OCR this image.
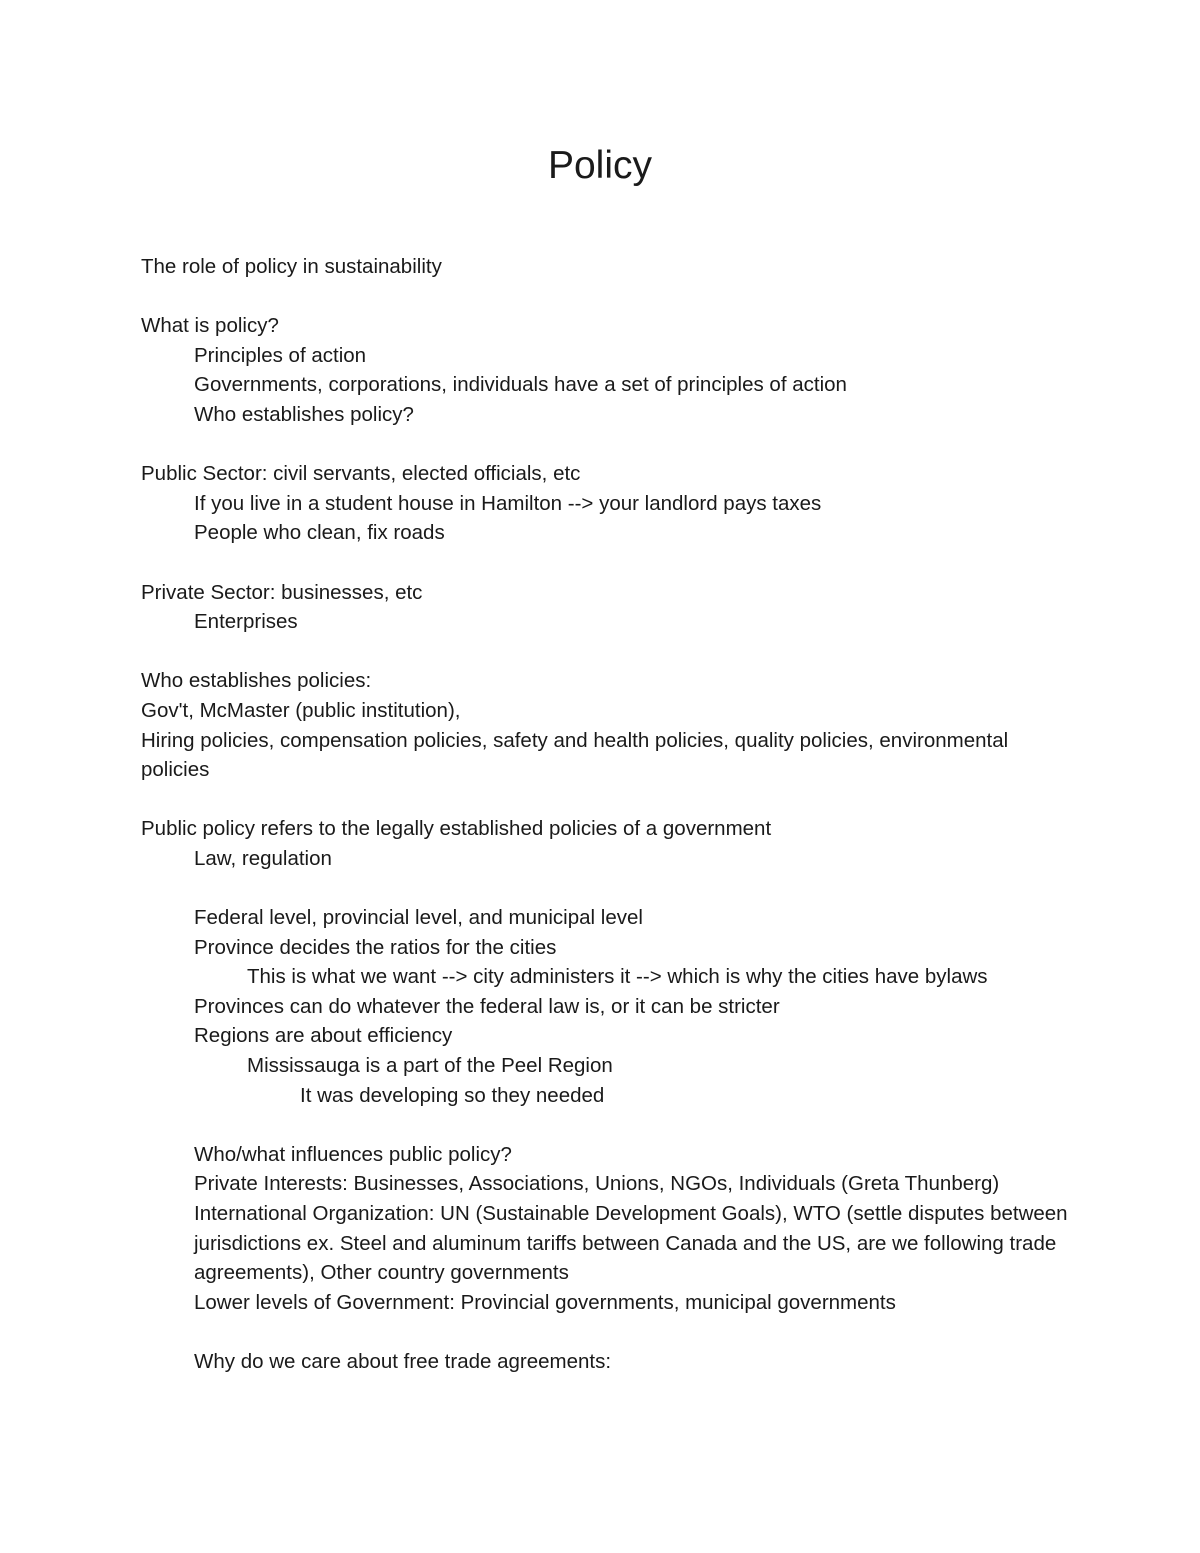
Policy
The role of policy in sustainability
What is policy?
Principles of action
Governments, corporations, individuals have a set of principles of action
Who establishes policy?
Public Sector: civil servants, elected officials, etc
If you live in a student house in Hamilton --> your landlord pays taxes
People who clean, fix roads
Private Sector: businesses, etc
Enterprises
Who establishes policies:
Gov't, McMaster (public institution),
Hiring policies, compensation policies, safety and health policies, quality policies, environmental policies
Public policy refers to the legally established policies of a government
Law, regulation
Federal level, provincial level, and municipal level
Province decides the ratios for the cities
This is what we want --> city administers it --> which is why the cities have bylaws
Provinces can do whatever the federal law is, or it can be stricter
Regions are about efficiency
Mississauga is a part of the Peel Region
It was developing so they needed
Who/what influences public policy?
Private Interests: Businesses, Associations, Unions, NGOs, Individuals (Greta Thunberg)
International Organization: UN (Sustainable Development Goals), WTO (settle disputes between jurisdictions ex. Steel and aluminum tariffs between Canada and the US, are we following trade agreements), Other country governments
Lower levels of Government: Provincial governments, municipal governments
Why do we care about free trade agreements:
